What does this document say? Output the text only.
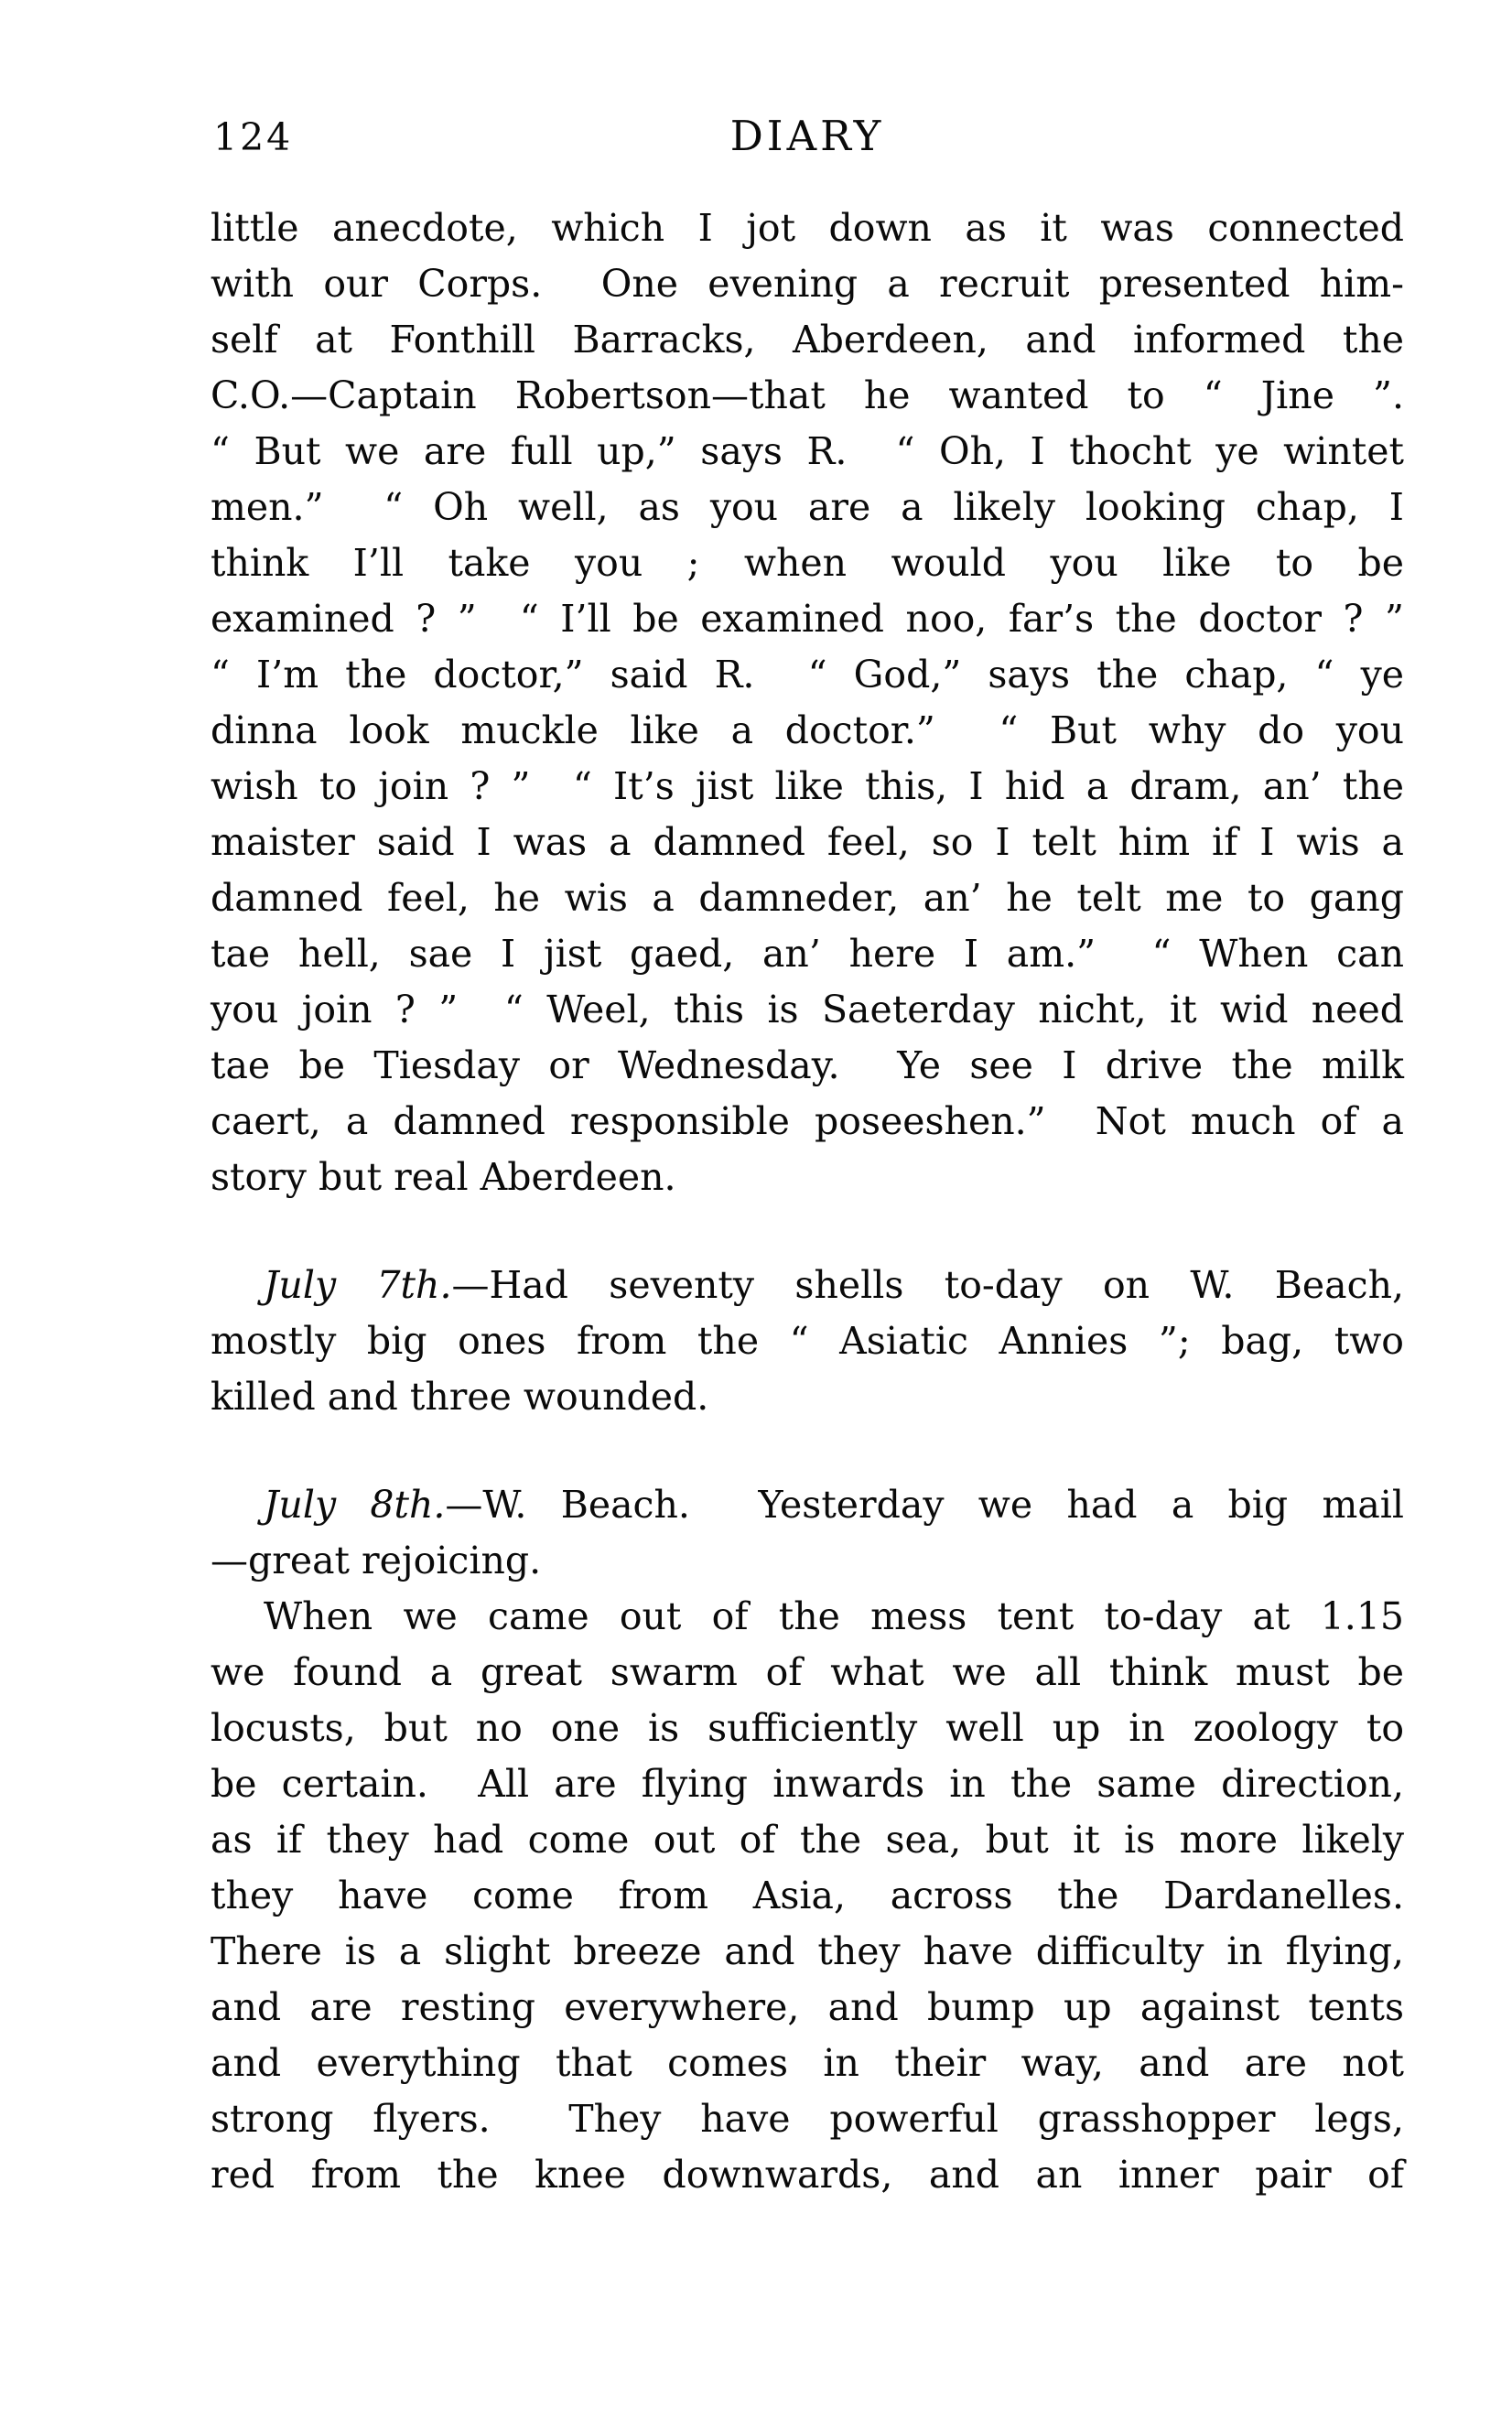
124	DIARY
little anecdote, which I jot down as it was connected
with our Corps.  One evening a recruit presented him-
self at Fonthill Barracks, Aberdeen, and informed the
C.O.—Captain Robertson—that he wanted to “ Jine ”.
“ But we are full up,” says R.  “ Oh, I thocht ye wintet
men.”  “ Oh well, as you are a likely looking chap, I
think I’ll take you ; when would you like to be
examined ? ”  “ I’ll be examined noo, far’s the doctor ? ”
“ I’m the doctor,” said R.  “ God,” says the chap, “ ye
dinna look muckle like a doctor.”  “ But why do you
wish to join ? ”  “ It’s jist like this, I hid a dram, an’ the
maister said I was a damned feel, so I telt him if I wis a
damned feel, he wis a damneder, an’ he telt me to gang
tae hell, sae I jist gaed, an’ here I am.”  “ When can
you join ? ”  “ Weel, this is Saeterday nicht, it wid need
tae be Tiesday or Wednesday.  Ye see I drive the milk
caert, a damned responsible poseeshen.”  Not much of a
story but real Aberdeen.
July 7th.—Had seventy shells to-day on W. Beach,
mostly big ones from the “ Asiatic Annies ”; bag, two
killed and three wounded.
July 8th.—W. Beach.  Yesterday we had a big mail
—great rejoicing.
When we came out of the mess tent to-day at 1.15
we found a great swarm of what we all think must be
locusts, but no one is sufficiently well up in zoology to
be certain.  All are flying inwards in the same direction,
as if they had come out of the sea, but it is more likely
they have come from Asia, across the Dardanelles.
There is a slight breeze and they have difficulty in flying,
and are resting everywhere, and bump up against tents
and everything that comes in their way, and are not
strong flyers.  They have powerful grasshopper legs,
red from the knee downwards, and an inner pair of
